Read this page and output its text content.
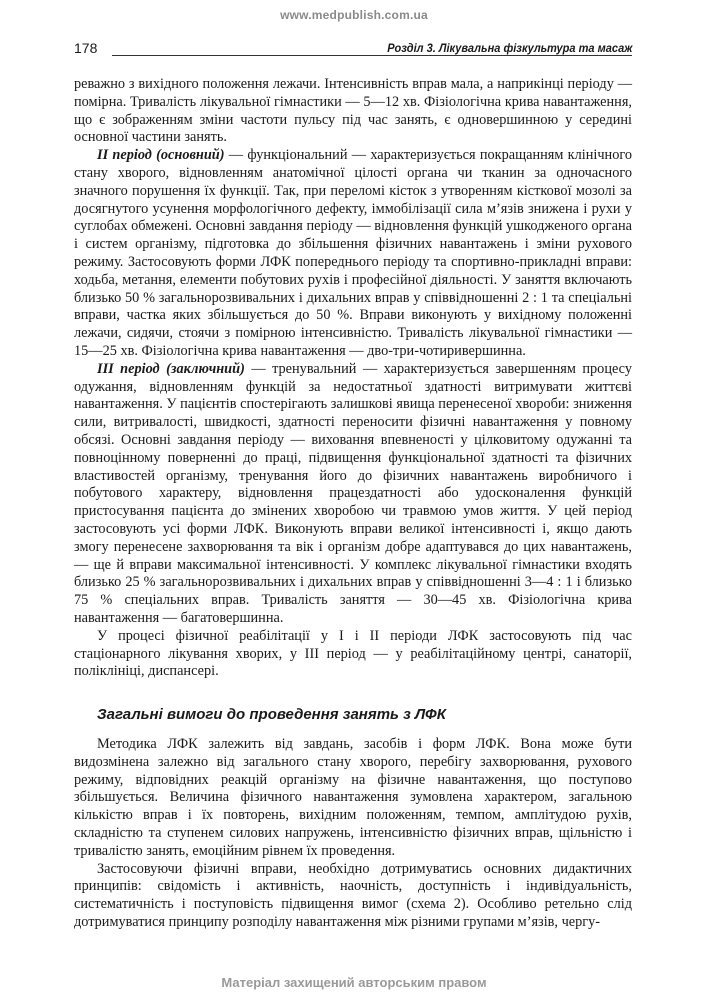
www.medpublish.com.ua
178	Розділ 3. Лікувальна фізкультура та масаж

реважно з вихідного положення лежачи. Інтенсивність вправ мала, а наприкінці періоду — помірна. Тривалість лікувальної гімнастики — 5—12 хв. Фізіологічна крива навантаження, що є зображенням зміни частоти пульсу під час занять, є одновершинною у середині основної частини занять.

ІІ період (основний) — функціональний — характеризується покращанням клінічного стану хворого, відновленням анатомічної цілості органа чи тканин за одночасного значного порушення їх функції. Так, при переломі кісток з утворенням кісткової мозолі за досягнутого усунення морфологічного дефекту, іммобілізації сила м’язів знижена і рухи у суглобах обмежені. Основні завдання періоду — відновлення функцій ушкодженого органа і систем організму, підготовка до збільшення фізичних навантажень і зміни рухового режиму. Застосовують форми ЛФК попереднього періоду та спортивно-прикладні вправи: ходьба, метання, елементи побутових рухів і професійної діяльності. У заняття включають близько 50 % загальнорозвивальних і дихальних вправ у співвідношенні 2 : 1 та спеціальні вправи, частка яких збільшується до 50 %. Вправи виконують у вихідному положенні лежачи, сидячи, стоячи з помірною інтенсивністю. Тривалість лікувальної гімнастики — 15—25 хв. Фізіологічна крива навантаження — дво-три-чотиривершинна.

ІІІ період (заключний) — тренувальний — характеризується завершенням процесу одужання, відновленням функцій за недостатньої здатності витримувати життєві навантаження. У пацієнтів спостерігають залишкові явища перенесеної хвороби: зниження сили, витривалості, швидкості, здатності переносити фізичні навантаження у повному обсязі. Основні завдання періоду — виховання впевненості у цілковитому одужанні та повноцінному поверненні до праці, підвищення функціональної здатності та фізичних властивостей організму, тренування його до фізичних навантажень виробничого і побутового характеру, відновлення працездатності або удосконалення функцій пристосування пацієнта до змінених хворобою чи травмою умов життя. У цей період застосовують усі форми ЛФК. Виконують вправи великої інтенсивності і, якщо дають змогу перенесене захворювання та вік і організм добре адаптувався до цих навантажень, — ще й вправи максимальної інтенсивності. У комплекс лікувальної гімнастики входять близько 25 % загальнорозвивальних і дихальних вправ у співвідношенні 3—4 : 1 і близько 75 % спеціальних вправ. Тривалість заняття — 30—45 хв. Фізіологічна крива навантаження — багатовершинна.

У процесі фізичної реабілітації у І і ІІ періоди ЛФК застосовують під час стаціонарного лікування хворих, у ІІІ період — у реабілітаційному центрі, санаторії, поліклініці, диспансері.

Загальні вимоги до проведення занять з ЛФК

Методика ЛФК залежить від завдань, засобів і форм ЛФК. Вона може бути видозмінена залежно від загального стану хворого, перебігу захворювання, рухового режиму, відповідних реакцій організму на фізичне навантаження, що поступово збільшується. Величина фізичного навантаження зумовлена характером, загальною кількістю вправ і їх повторень, вихідним положенням, темпом, амплітудою рухів, складністю та ступенем силових напружень, інтенсивністю фізичних вправ, щільністю і тривалістю занять, емоційним рівнем їх проведення.

Застосовуючи фізичні вправи, необхідно дотримуватись основних дидактичних принципів: свідомість і активність, наочність, доступність і індивідуальність, систематичність і поступовість підвищення вимог (схема 2). Особливо ретельно слід дотримуватися принципу розподілу навантаження між різними групами м’язів, чергу-

Матеріал захищений авторським правом
